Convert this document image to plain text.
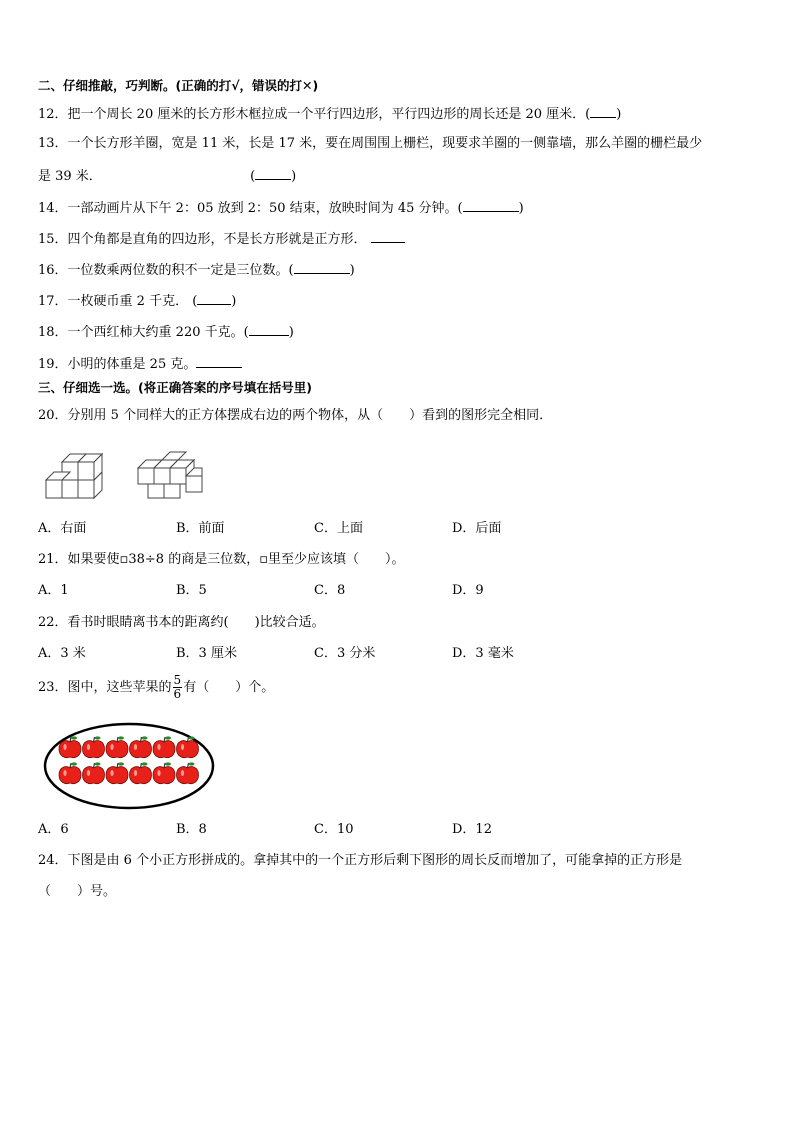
二、仔细推敲，巧判断。(正确的打√，错误的打✕)
12．把一个周长 20 厘米的长方形木框拉成一个平行四边形，平行四边形的周长还是 20 厘米．( )
13．一个长方形羊圈，宽是 11 米，长是 17 米，要在周围围上栅栏，现要求羊圈的一侧靠墙，那么羊圈的栅栏最少
是 39 米．	(	)
14．一部动画片从下午 2：05 放到 2：50 结束，放映时间为 45 分钟。(	)
15．四个角都是直角的四边形，不是长方形就是正方形．
16．一位数乘两位数的积不一定是三位数。(	)
17．一枚硬币重 2 千克． (	)
18．一个西红柿大约重 220 千克。(	)
19．小明的体重是 25 克。
三、仔细选一选。(将正确答案的序号填在括号里)
20．分别用 5 个同样大的正方体摆成右边的两个物体，从（　　）看到的图形完全相同．
A．右面	B．前面	C．上面	D．后面
21．如果要使▫38÷8 的商是三位数，▫里至少应该填（　　）。
A．1	B．5	C．8	D．9
22．看书时眼睛离书本的距离约(　　)比较合适。
A．3 米	B．3 厘米	C．3 分米	D．3 毫米
23．图中，这些苹果的 $\frac{5}{6}$ 有（　　）个。
A．6	B．8	C．10	D．12
24．下图是由 6 个小正方形拼成的。拿掉其中的一个正方形后剩下图形的周长反而增加了，可能拿掉的正方形是
（　　）号。
